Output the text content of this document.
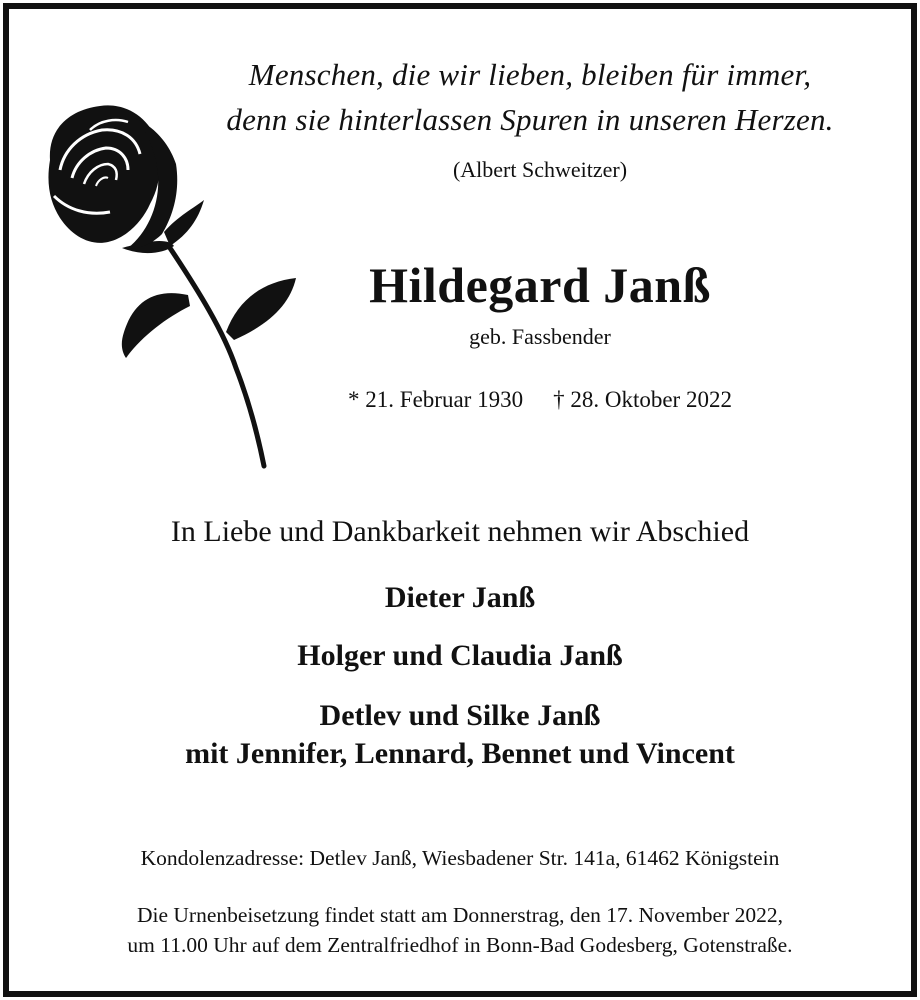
Menschen, die wir lieben, bleiben für immer,
denn sie hinterlassen Spuren in unseren Herzen.
(Albert Schweitzer)
Hildegard Janß
geb. Fassbender
* 21. Februar 1930 † 28. Oktober 2022
In Liebe und Dankbarkeit nehmen wir Abschied
Dieter Janß
Holger und Claudia Janß
Detlev und Silke Janß
mit Jennifer, Lennard, Bennet und Vincent
Kondolenzadresse: Detlev Janß, Wiesbadener Str. 141a, 61462 Königstein
Die Urnenbeisetzung findet statt am Donnerstrag, den 17. November 2022,
um 11.00 Uhr auf dem Zentralfriedhof in Bonn-Bad Godesberg, Gotenstraße.
